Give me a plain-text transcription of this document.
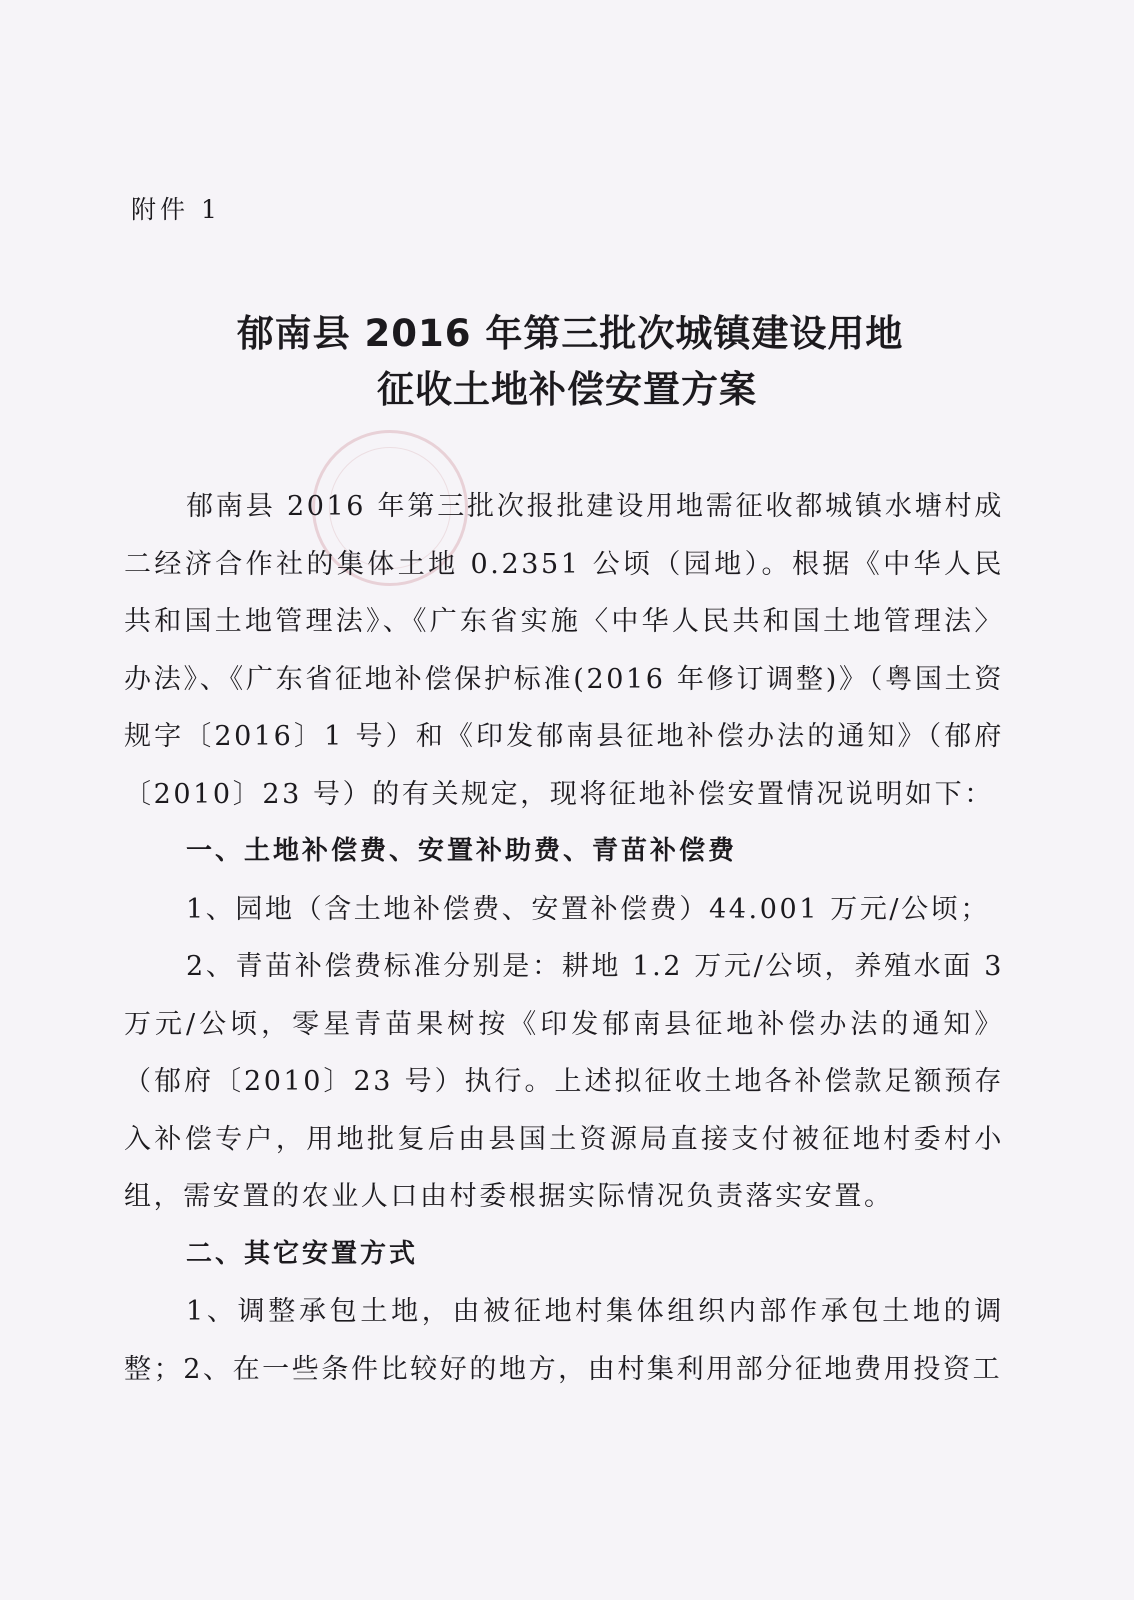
附件 1

郁南县 2016 年第三批次城镇建设用地
征收土地补偿安置方案

郁南县 2016 年第三批次报批建设用地需征收都城镇水塘村成二经济合作社的集体土地 0.2351 公顷（园地）。根据《中华人民共和国土地管理法》、《广东省实施〈中华人民共和国土地管理法〉办法》、《广东省征地补偿保护标准(2016 年修订调整)》（粤国土资规字〔2016〕1 号）和《印发郁南县征地补偿办法的通知》（郁府〔2010〕23 号）的有关规定，现将征地补偿安置情况说明如下：

一、土地补偿费、安置补助费、青苗补偿费

1、园地（含土地补偿费、安置补偿费）44.001 万元/公顷；

2、青苗补偿费标准分别是：耕地 1.2 万元/公顷，养殖水面 3 万元/公顷，零星青苗果树按《印发郁南县征地补偿办法的通知》（郁府〔2010〕23 号）执行。上述拟征收土地各补偿款足额预存入补偿专户，用地批复后由县国土资源局直接支付被征地村委村小组，需安置的农业人口由村委根据实际情况负责落实安置。

二、其它安置方式

1、调整承包土地，由被征地村集体组织内部作承包土地的调整；2、在一些条件比较好的地方，由村集利用部分征地费用投资工
